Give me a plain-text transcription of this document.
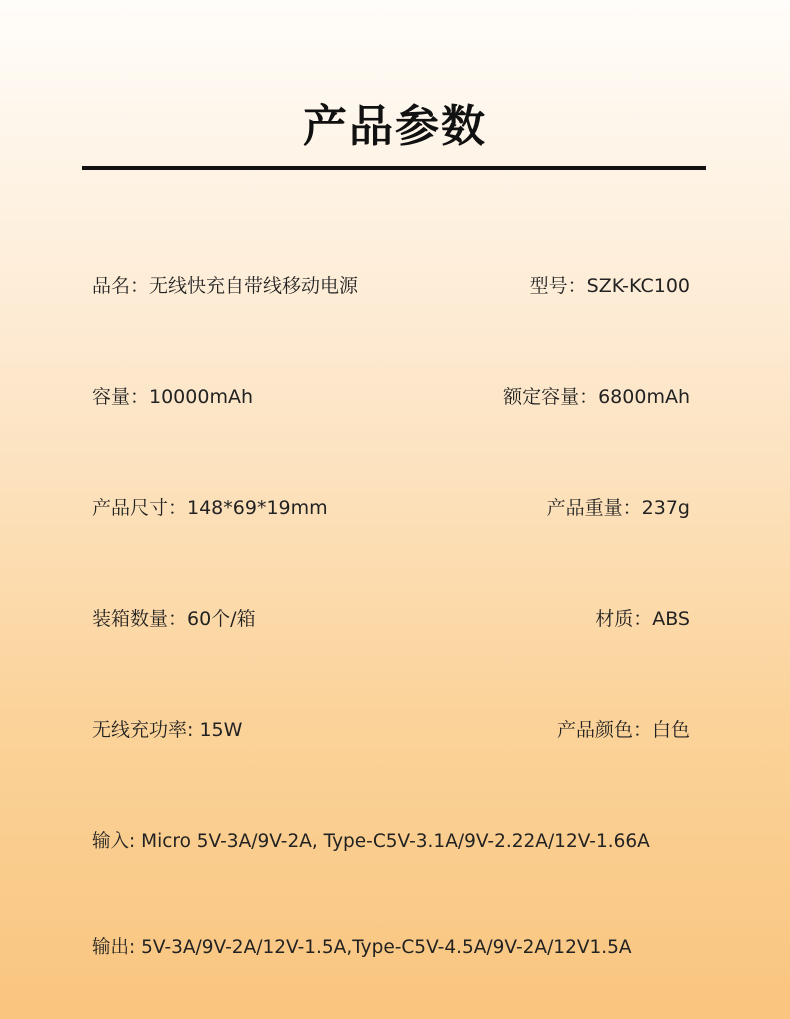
产品参数
品名：无线快充自带线移动电源	型号：SZK-KC100
容量：10000mAh	额定容量：6800mAh
产品尺寸：148*69*19mm	产品重量：237g
装箱数量：60个/箱	材质：ABS
无线充功率: 15W	产品颜色：白色
输入: Micro 5V-3A/9V-2A, Type-C5V-3.1A/9V-2.22A/12V-1.66A
输出: 5V-3A/9V-2A/12V-1.5A,Type-C5V-4.5A/9V-2A/12V1.5A
